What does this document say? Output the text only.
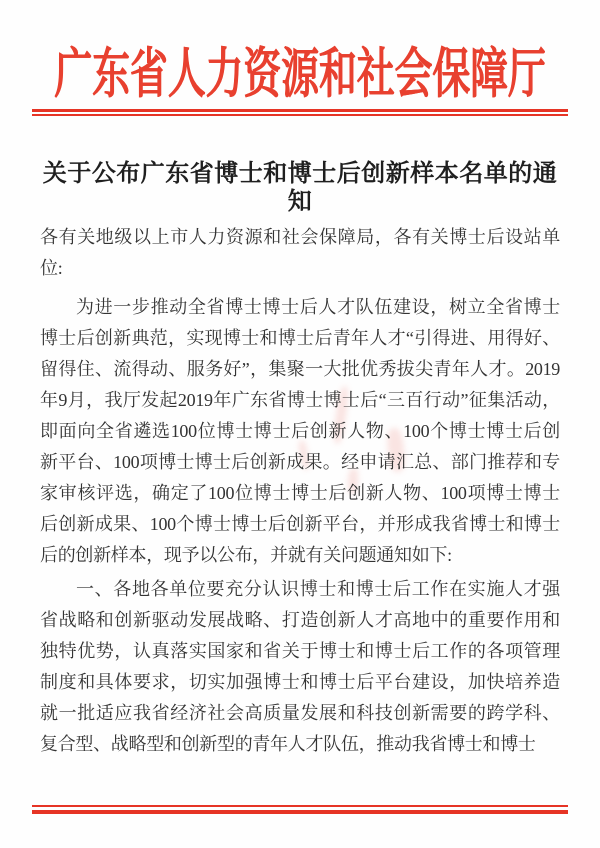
广东省人力资源和社会保障厅
关于公布广东省博士和博士后创新样本名单的通知
各有关地级以上市人力资源和社会保障局，各有关博士后设站单
位:
为进一步推动全省博士博士后人才队伍建设，树立全省博士
博士后创新典范，实现博士和博士后青年人才“引得进、用得好、
留得住、流得动、服务好”，集聚一大批优秀拔尖青年人才。2019
年9月，我厅发起2019年广东省博士博士后“三百行动”征集活动，
即面向全省遴选100位博士博士后创新人物、100个博士博士后创
新平台、100项博士博士后创新成果。经申请汇总、部门推荐和专
家审核评选，确定了100位博士博士后创新人物、100项博士博士
后创新成果、100个博士博士后创新平台，并形成我省博士和博士
后的创新样本，现予以公布，并就有关问题通知如下:
一、各地各单位要充分认识博士和博士后工作在实施人才强
省战略和创新驱动发展战略、打造创新人才高地中的重要作用和
独特优势，认真落实国家和省关于博士和博士后工作的各项管理
制度和具体要求，切实加强博士和博士后平台建设，加快培养造
就一批适应我省经济社会高质量发展和科技创新需要的跨学科、
复合型、战略型和创新型的青年人才队伍，推动我省博士和博士
